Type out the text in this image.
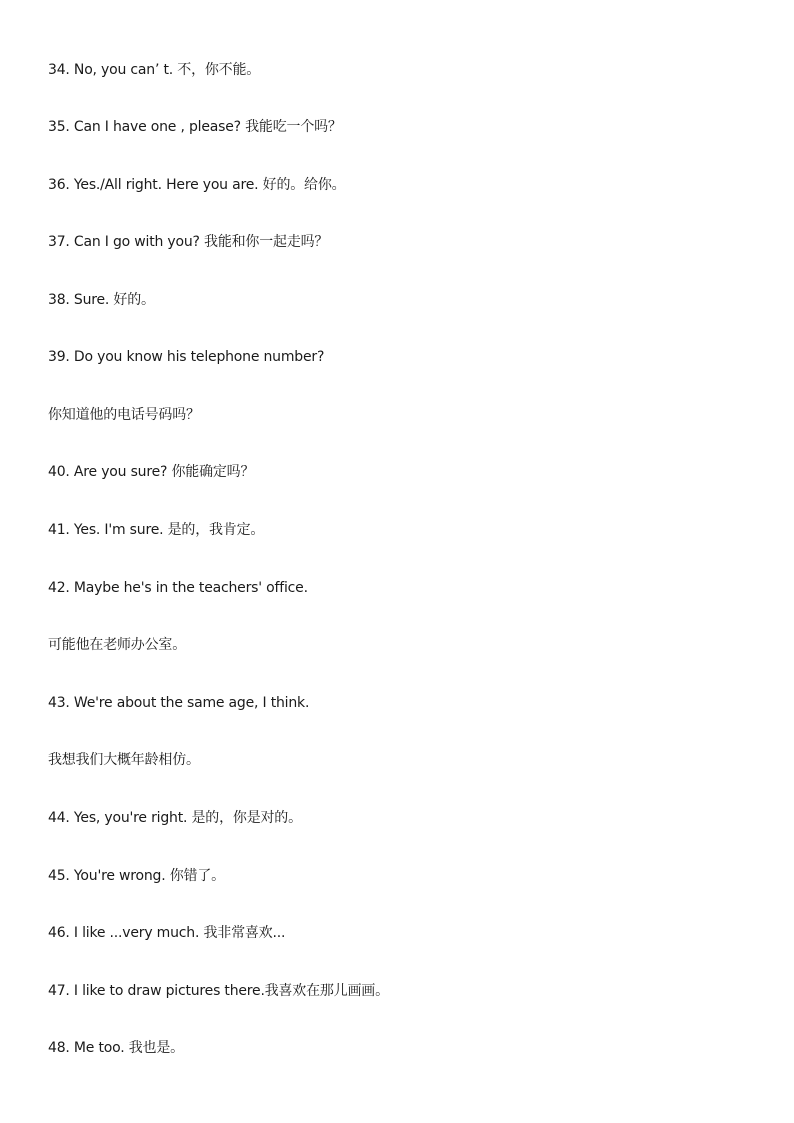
34. No, you can’ t. 不，你不能。

35. Can I have one , please? 我能吃一个吗？

36. Yes./All right. Here you are. 好的。给你。

37. Can I go with you? 我能和你一起走吗？

38. Sure. 好的。

39. Do you know his telephone number?

你知道他的电话号码吗？

40. Are you sure? 你能确定吗？

41. Yes. I'm sure. 是的，我肯定。

42. Maybe he's in the teachers' office.

可能他在老师办公室。

43. We're about the same age, I think.

我想我们大概年龄相仿。

44. Yes, you're right. 是的，你是对的。

45. You're wrong. 你错了。

46. I like ...very much. 我非常喜欢...

47. I like to draw pictures there.我喜欢在那儿画画。

48. Me too. 我也是。
